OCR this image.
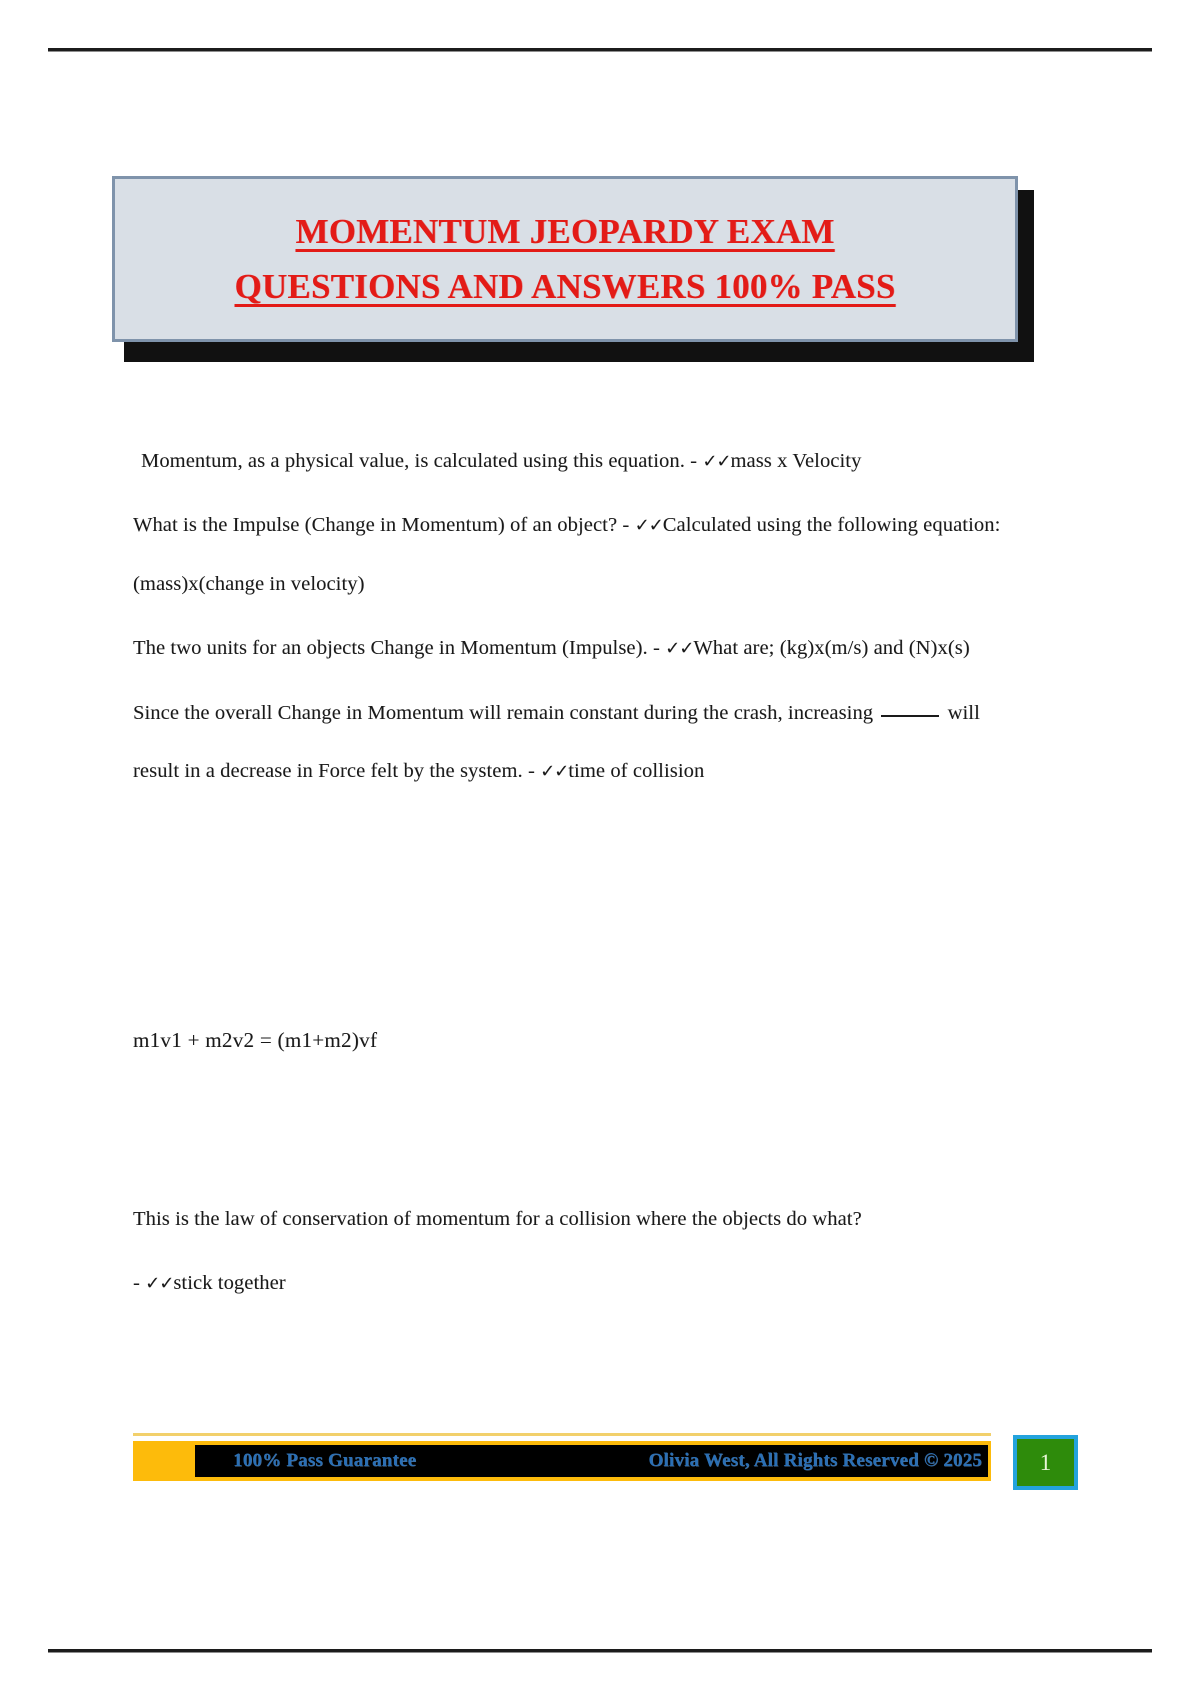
MOMENTUM JEOPARDY EXAM
QUESTIONS AND ANSWERS 100% PASS

Momentum, as a physical value, is calculated using this equation. - ✓✓mass x Velocity

What is the Impulse (Change in Momentum) of an object? - ✓✓Calculated using the following equation: (mass)x(change in velocity)

The two units for an objects Change in Momentum (Impulse). - ✓✓What are; (kg)x(m/s) and (N)x(s)

Since the overall Change in Momentum will remain constant during the crash, increasing	will result in a decrease in Force felt by the system. - ✓✓time of collision

m1v1 + m2v2 = (m1+m2)vf

This is the law of conservation of momentum for a collision where the objects do what?

- ✓✓stick together

100% Pass Guarantee	Olivia West, All Rights Reserved © 2025	1
